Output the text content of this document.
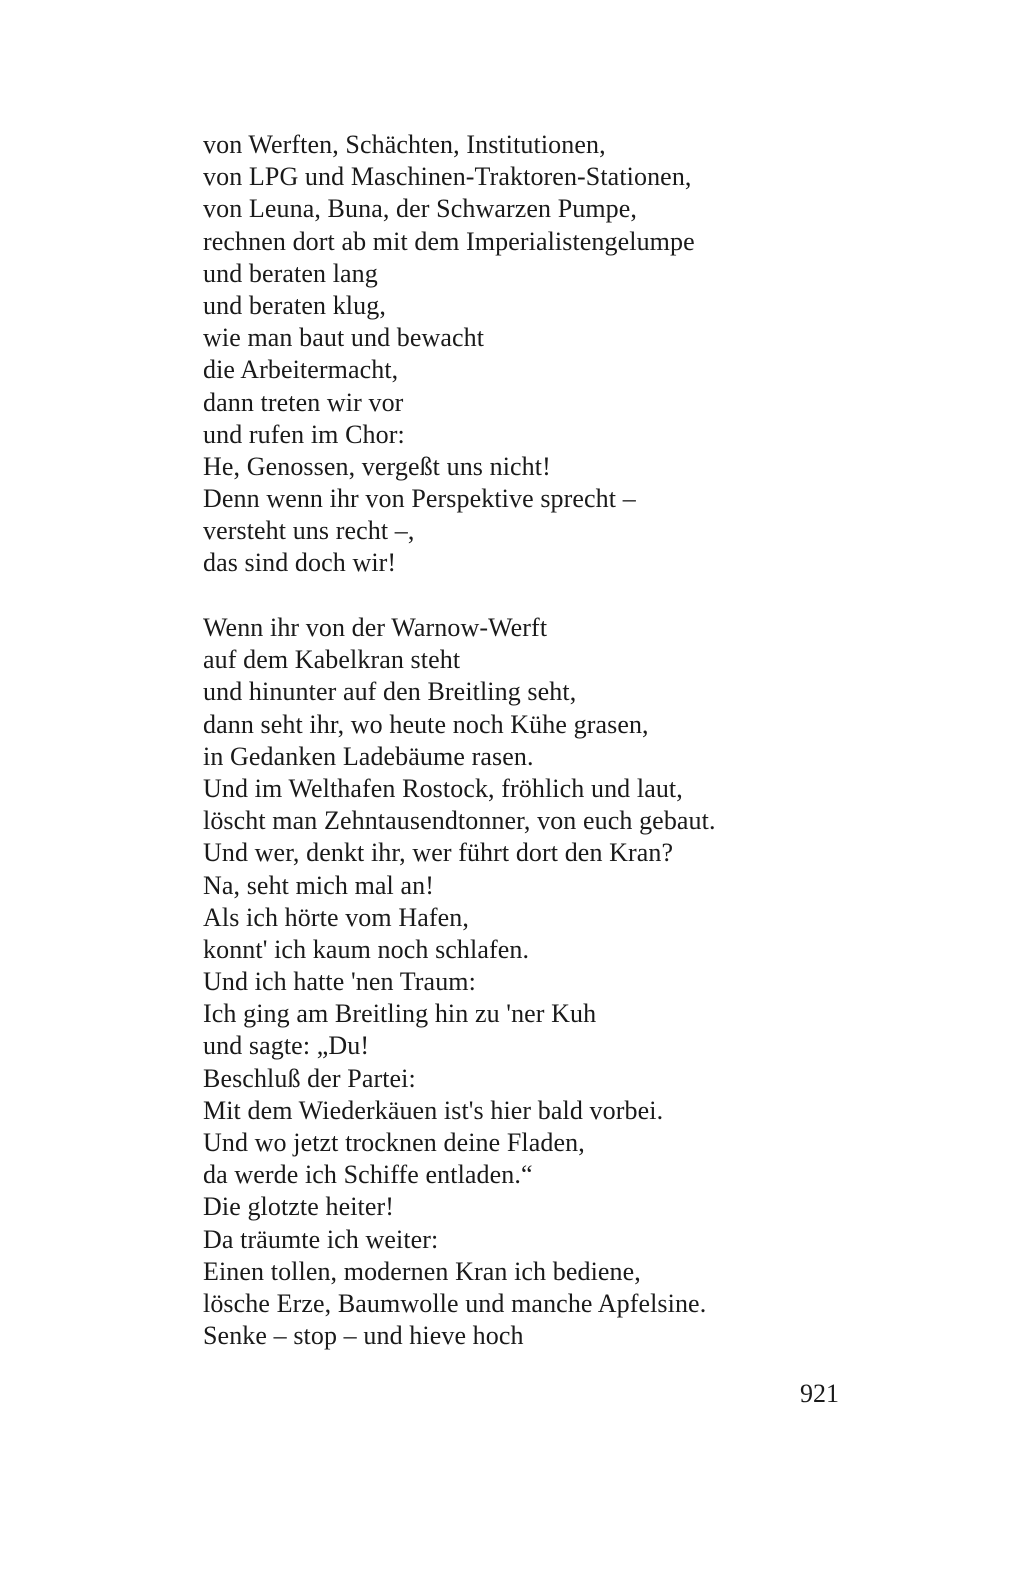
von Werften, Schächten, Institutionen,
von LPG und Maschinen-Traktoren-Stationen,
von Leuna, Buna, der Schwarzen Pumpe,
rechnen dort ab mit dem Imperialistengelumpe
und beraten lang
und beraten klug,
wie man baut und bewacht
die Arbeitermacht,
dann treten wir vor
und rufen im Chor:
He, Genossen, vergeßt uns nicht!
Denn wenn ihr von Perspektive sprecht –
versteht uns recht –,
das sind doch wir!
Wenn ihr von der Warnow-Werft
auf dem Kabelkran steht
und hinunter auf den Breitling seht,
dann seht ihr, wo heute noch Kühe grasen,
in Gedanken Ladebäume rasen.
Und im Welthafen Rostock, fröhlich und laut,
löscht man Zehntausendtonner, von euch gebaut.
Und wer, denkt ihr, wer führt dort den Kran?
Na, seht mich mal an!
Als ich hörte vom Hafen,
konnt' ich kaum noch schlafen.
Und ich hatte 'nen Traum:
Ich ging am Breitling hin zu 'ner Kuh
und sagte: „Du!
Beschluß der Partei:
Mit dem Wiederkäuen ist's hier bald vorbei.
Und wo jetzt trocknen deine Fladen,
da werde ich Schiffe entladen.“
Die glotzte heiter!
Da träumte ich weiter:
Einen tollen, modernen Kran ich bediene,
lösche Erze, Baumwolle und manche Apfelsine.
Senke – stop – und hieve hoch
921
